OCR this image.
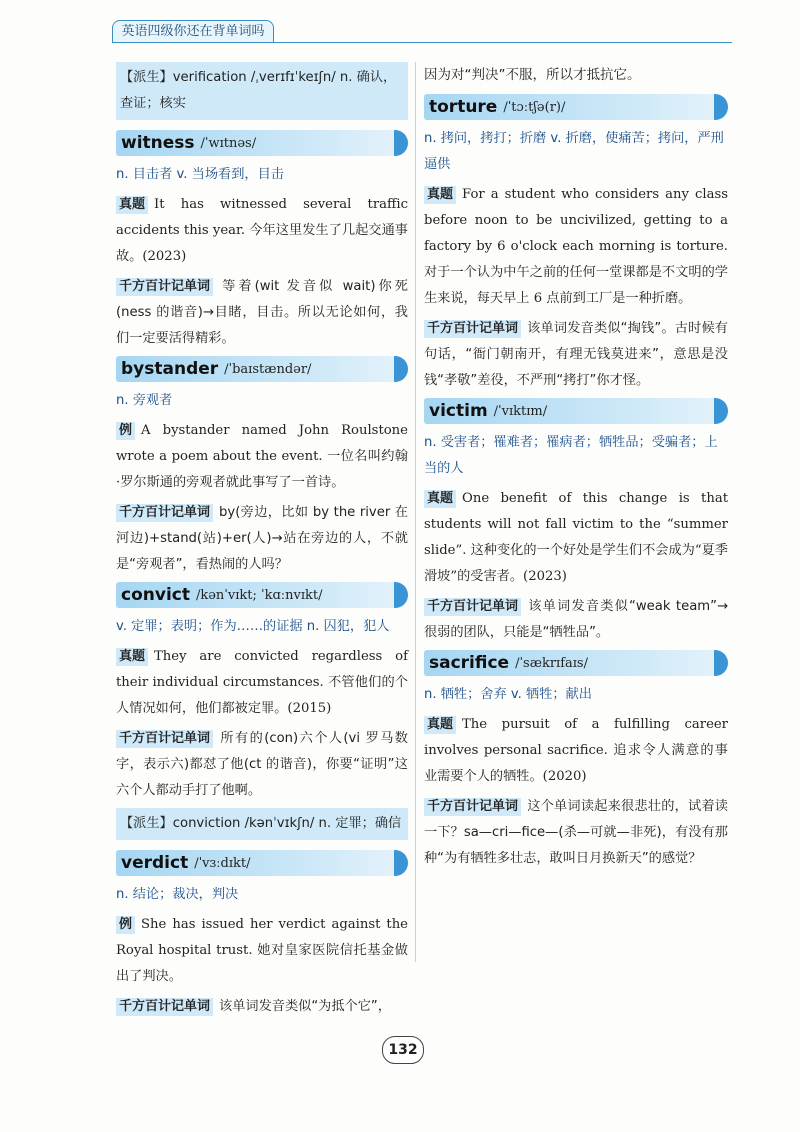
英语四级你还在背单词吗
【派生】verification /ˌverɪfɪˈkeɪʃn/ n. 确认，查证；核实
witness /ˈwɪtnəs/
n. 目击者 v. 当场看到，目击
真题 It has witnessed several traffic accidents this year. 今年这里发生了几起交通事故。(2023)
千方百计记单词 等着(wit 发音似 wait)你死(ness 的谐音)→目睹，目击。所以无论如何，我们一定要活得精彩。
bystander /ˈbaɪstændər/
n. 旁观者
例 A bystander named John Roulstone wrote a poem about the event. 一位名叫约翰·罗尔斯通的旁观者就此事写了一首诗。
千方百计记单词 by(旁边，比如 by the river 在河边)+stand(站)+er(人)→站在旁边的人，不就是“旁观者”，看热闹的人吗？
convict /kənˈvɪkt; ˈkɑːnvɪkt/
v. 定罪；表明；作为……的证据 n. 囚犯，犯人
真题 They are convicted regardless of their individual circumstances. 不管他们的个人情况如何，他们都被定罪。(2015)
千方百计记单词 所有的(con)六个人(vi 罗马数字，表示六)都怼了他(ct 的谐音)，你要“证明”这六个人都动手打了他啊。
【派生】conviction /kənˈvɪkʃn/ n. 定罪；确信
verdict /ˈvɜːdɪkt/
n. 结论；裁决，判决
例 She has issued her verdict against the Royal hospital trust. 她对皇家医院信托基金做出了判决。
千方百计记单词 该单词发音类似“为抵个它”，
因为对“判决”不服，所以才抵抗它。
torture /ˈtɔːtʃə(r)/
n. 拷问，拷打；折磨 v. 折磨，使痛苦；拷问，严刑逼供
真题 For a student who considers any class before noon to be uncivilized, getting to a factory by 6 o'clock each morning is torture. 对于一个认为中午之前的任何一堂课都是不文明的学生来说，每天早上 6 点前到工厂是一种折磨。
千方百计记单词 该单词发音类似“掏钱”。古时候有句话，“衙门朝南开，有理无钱莫进来”，意思是没钱“孝敬”差役，不严刑“拷打”你才怪。
victim /ˈvɪktɪm/
n. 受害者；罹难者；罹病者；牺牲品；受骗者；上当的人
真题 One benefit of this change is that students will not fall victim to the “summer slide”. 这种变化的一个好处是学生们不会成为“夏季滑坡”的受害者。(2023)
千方百计记单词 该单词发音类似“weak team”→很弱的团队，只能是“牺牲品”。
sacrifice /ˈsækrɪfaɪs/
n. 牺牲；舍弃 v. 牺牲；献出
真题 The pursuit of a fulfilling career involves personal sacrifice. 追求令人满意的事业需要个人的牺牲。(2020)
千方百计记单词 这个单词读起来很悲壮的，试着读一下？sa—cri—fice—(杀—可就—非死)，有没有那种“为有牺牲多壮志，敢叫日月换新天”的感觉？
132
